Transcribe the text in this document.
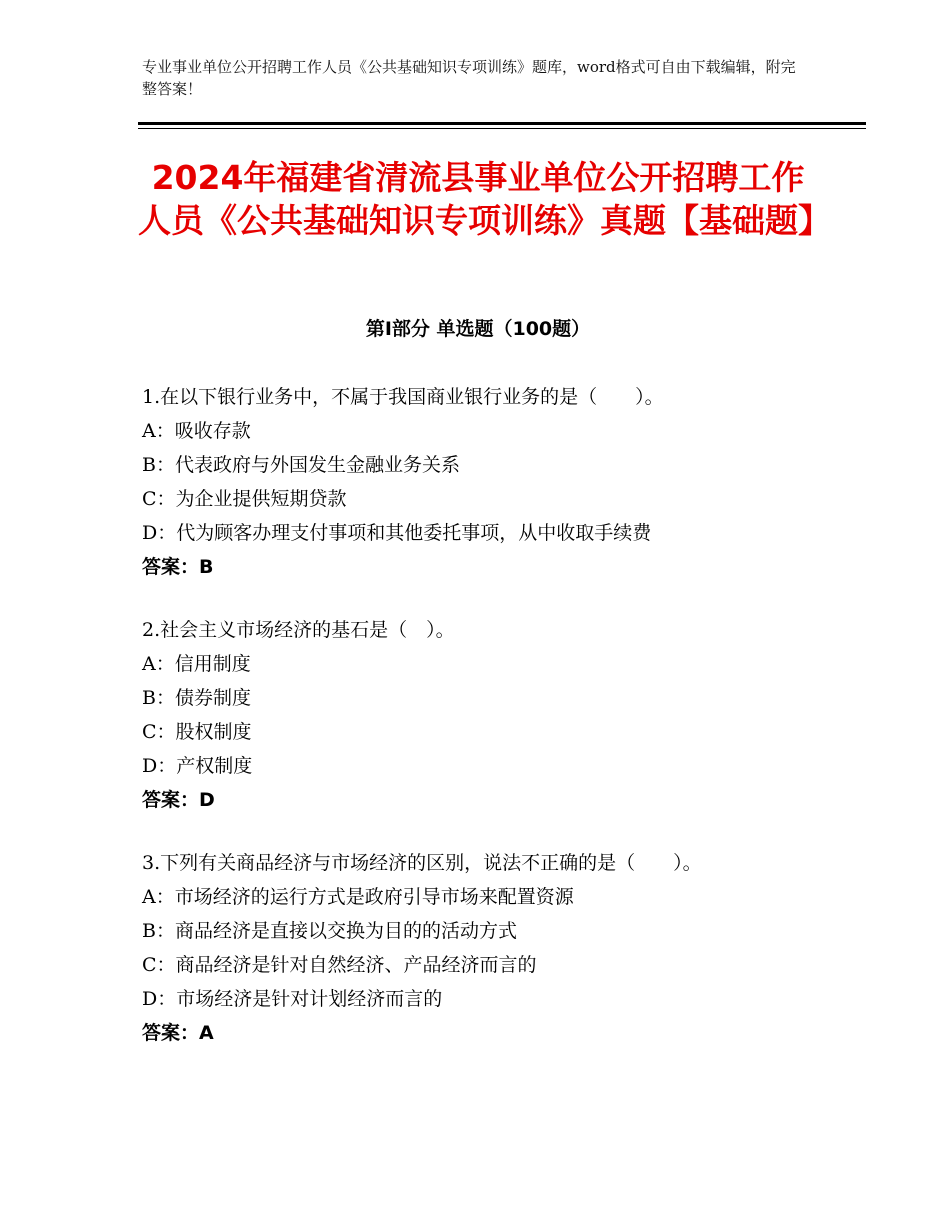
专业事业单位公开招聘工作人员《公共基础知识专项训练》题库，word格式可自由下载编辑，附完整答案！
2024年福建省清流县事业单位公开招聘工作人员《公共基础知识专项训练》真题【基础题】
第Ⅰ部分 单选题（100题）
1.在以下银行业务中，不属于我国商业银行业务的是（　　）。
A：吸收存款
B：代表政府与外国发生金融业务关系
C：为企业提供短期贷款
D：代为顾客办理支付事项和其他委托事项，从中收取手续费
答案：B
2.社会主义市场经济的基石是（　）。
A：信用制度
B：债券制度
C：股权制度
D：产权制度
答案：D
3.下列有关商品经济与市场经济的区别，说法不正确的是（　　）。
A：市场经济的运行方式是政府引导市场来配置资源
B：商品经济是直接以交换为目的的活动方式
C：商品经济是针对自然经济、产品经济而言的
D：市场经济是针对计划经济而言的
答案：A
